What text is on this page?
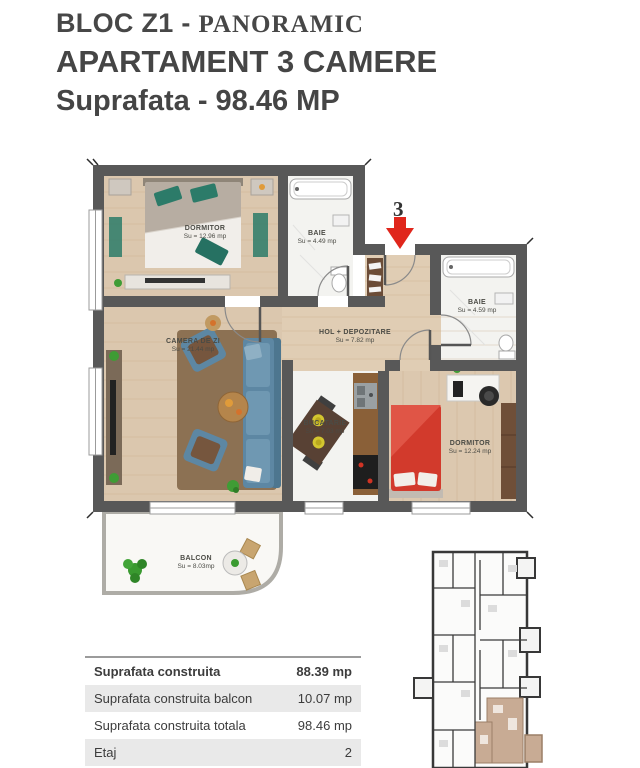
BLOC Z1 - PANORAMIC
APARTAMENT 3 CAMERE
Suprafata - 98.46 MP
DORMITOR
Su = 12.96 mp	BAIE
Su = 4.49 mp
BAIE
Su = 4.59 mp
HOL + DEPOZITARE
Su = 7.82 mp
CAMERA DE ZI
Su = 21.44 mp
BUCATARIE
Su = 7.03 mp
DORMITOR
Su = 12.24 mp
BALCON
Su = 8.03mp
3
Suprafata construita	88.39 mp
Suprafata construita balcon	10.07 mp
Suprafata construita totala	98.46 mp
Etaj	2
